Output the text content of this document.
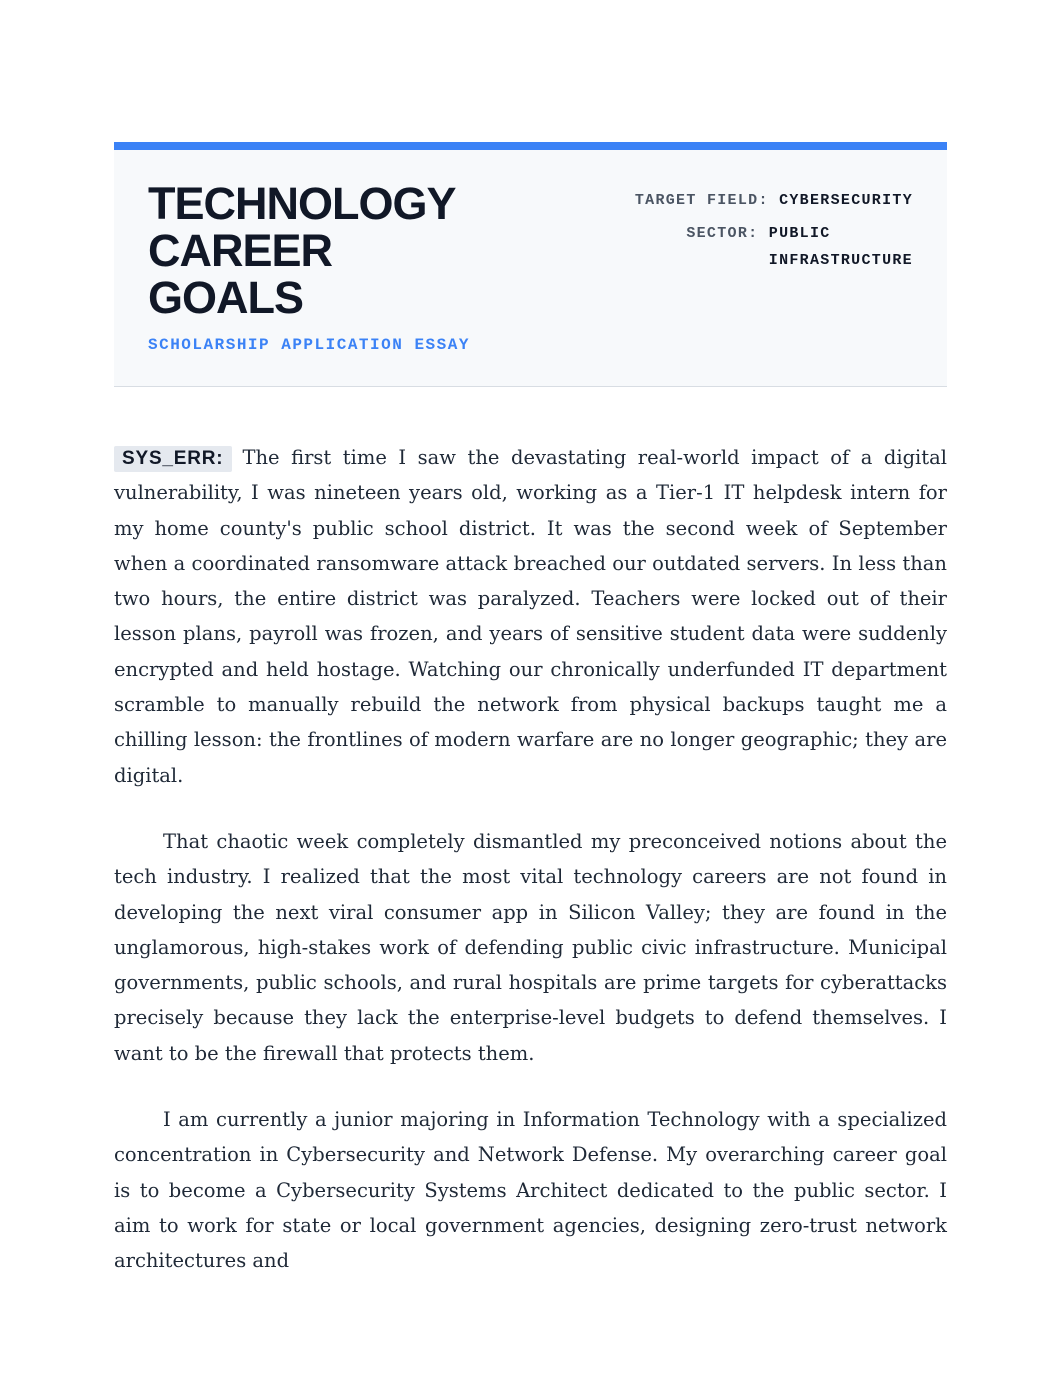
TECHNOLOGY
CAREER
GOALS
SCHOLARSHIP APPLICATION ESSAY
TARGET FIELD: CYBERSECURITY
SECTOR: PUBLIC
INFRASTRUCTURE

SYS_ERR: The first time I saw the devastating real-world impact of a digital vulnerability, I was nineteen years old, working as a Tier-1 IT helpdesk intern for my home county's public school district. It was the second week of September when a coordinated ransomware attack breached our outdated servers. In less than two hours, the entire district was paralyzed. Teachers were locked out of their lesson plans, payroll was frozen, and years of sensitive student data were suddenly encrypted and held hostage. Watching our chronically underfunded IT department scramble to manually rebuild the network from physical backups taught me a chilling lesson: the frontlines of modern warfare are no longer geographic; they are digital.

That chaotic week completely dismantled my preconceived notions about the tech industry. I realized that the most vital technology careers are not found in developing the next viral consumer app in Silicon Valley; they are found in the unglamorous, high-stakes work of defending public civic infrastructure. Municipal governments, public schools, and rural hospitals are prime targets for cyberattacks precisely because they lack the enterprise-level budgets to defend themselves. I want to be the firewall that protects them.

I am currently a junior majoring in Information Technology with a specialized concentration in Cybersecurity and Network Defense. My overarching career goal is to become a Cybersecurity Systems Architect dedicated to the public sector. I aim to work for state or local government agencies, designing zero-trust network architectures and
